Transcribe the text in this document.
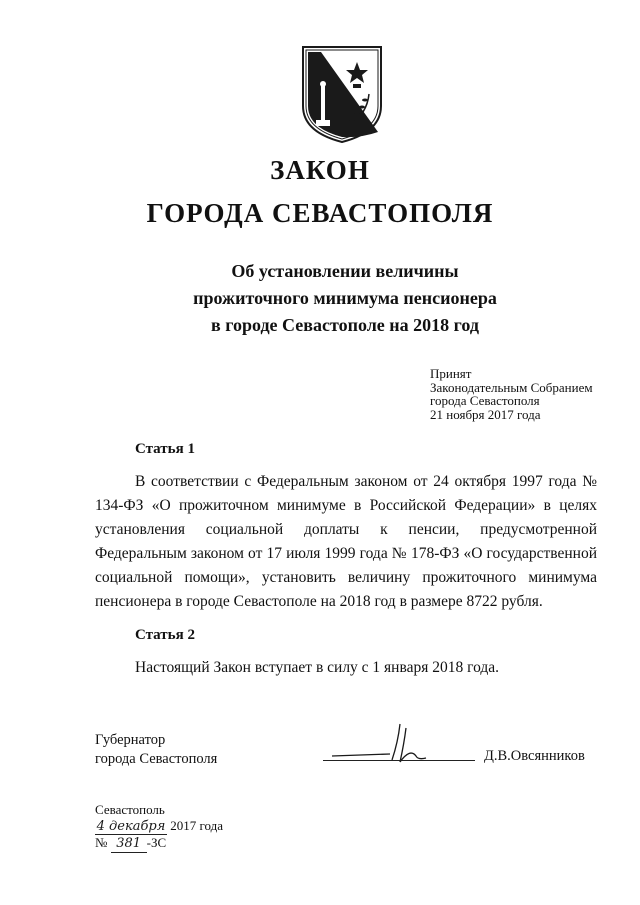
ЗАКОН
ГОРОДА СЕВАСТОПОЛЯ
Об установлении величины
прожиточного минимума пенсионера
в городе Севастополе на 2018 год
Принят
Законодательным Собранием
города Севастополя
21 ноября 2017 года
Статья 1
В соответствии с Федеральным законом от 24 октября 1997 года № 134-ФЗ «О прожиточном минимуме в Российской Федерации» в целях установления социальной доплаты к пенсии, предусмотренной Федеральным законом от 17 июля 1999 года № 178-ФЗ «О государственной социальной помощи», установить величину прожиточного минимума пенсионера в городе Севастополе на 2018 год в размере 8722 рубля.
Статья 2
Настоящий Закон вступает в силу с 1 января 2018 года.
Губернатор
города Севастополя	Д.В.Овсянников
Севастополь
4 декабря 2017 года
№ 381 -ЗС
